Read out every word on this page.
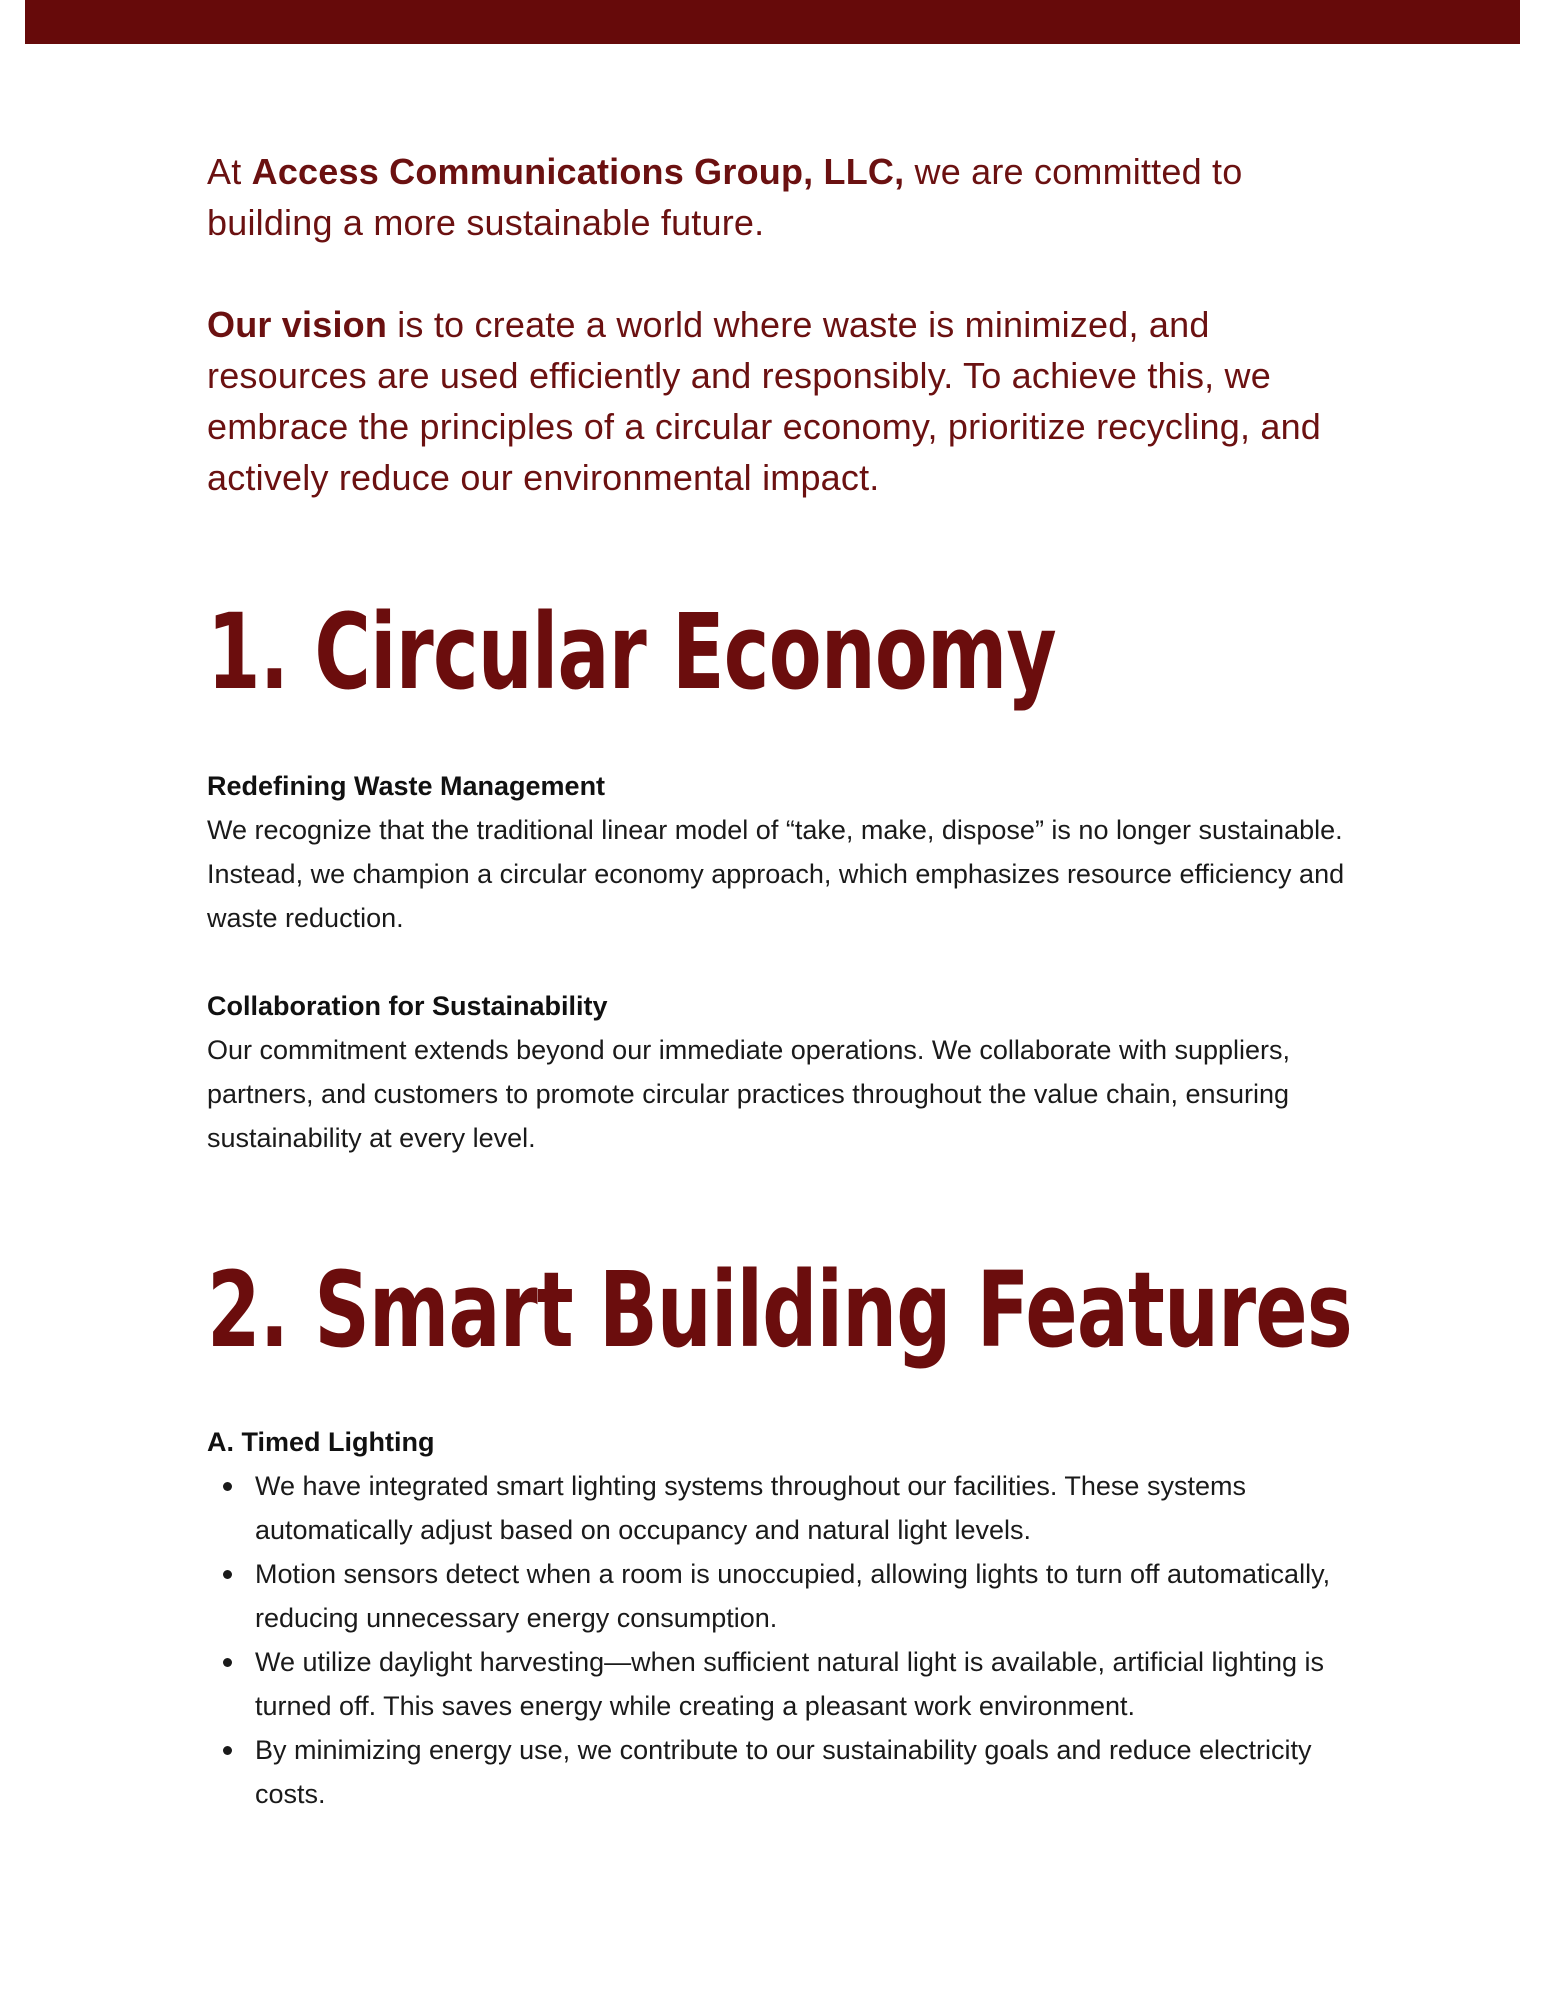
At Access Communications Group, LLC, we are committed to building a more sustainable future.

Our vision is to create a world where waste is minimized, and resources are used efficiently and responsibly. To achieve this, we embrace the principles of a circular economy, prioritize recycling, and actively reduce our environmental impact.

1. Circular Economy

Redefining Waste Management

We recognize that the traditional linear model of “take, make, dispose” is no longer sustainable. Instead, we champion a circular economy approach, which emphasizes resource efficiency and waste reduction.

Collaboration for Sustainability

Our commitment extends beyond our immediate operations. We collaborate with suppliers, partners, and customers to promote circular practices throughout the value chain, ensuring sustainability at every level.

2. Smart Building Features

A. Timed Lighting

We have integrated smart lighting systems throughout our facilities. These systems automatically adjust based on occupancy and natural light levels.
Motion sensors detect when a room is unoccupied, allowing lights to turn off automatically, reducing unnecessary energy consumption.
We utilize daylight harvesting—when sufficient natural light is available, artificial lighting is turned off. This saves energy while creating a pleasant work environment.
By minimizing energy use, we contribute to our sustainability goals and reduce electricity costs.
